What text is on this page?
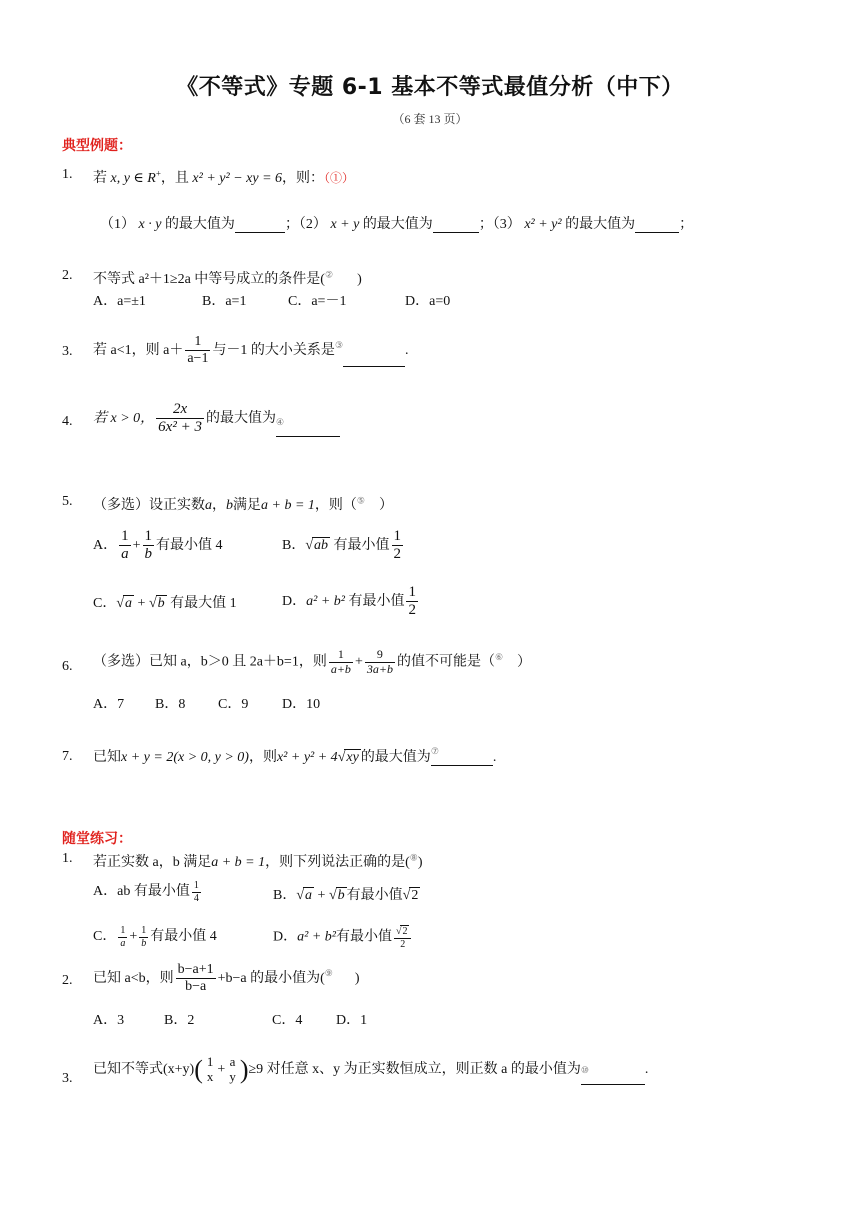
《不等式》专题 6-1 基本不等式最值分析（中下）
（6 套 13 页）
典型例题：
1. 若 x, y ∈ R+，且 x² + y² − xy = 6，则：（①）
（1） x · y 的最大值为	；（2） x + y 的最大值为	；（3） x² + y² 的最大值为	；
2. 不等式 a²＋1≥2a 中等号成立的条件是(② )
A．a=±1	B．a=1	C．a=－1	D．a=0
3. 若 a<1，则 $a+ \frac{1}{a-1}$ 与－1 的大小关系是③	.
4. 若 x > 0， $\frac{2x}{\text{6x² + 3}}$ 的最大值为④
5. （多选）设正实数a，b满足a + b = 1，则（⑤ ）
A． $\frac{1}{a} + \frac{1}{b}$ 有最小值 4	B．√ab 有最小值 $\frac{1}{2}$
C．√a + √b 有最大值 1	D．a² + b² 有最小值 $\frac{1}{2}$
6. （多选）已知 a，b＞0 且 2a＋b=1，则 $\frac{1}{a+b} + \frac{9}{3a+b}$ 的值不可能是（⑥ ）
A．7 B．8 C．9 D．10
7. 已知x + y = 2(x > 0, y > 0)，则x² + y² + 4√xy 的最大值为⑦	.
随堂练习：
1. 若正实数 a，b 满足a + b = 1，则下列说法正确的是(⑧)
A．ab 有最小值 $\frac{1}{4}$	B．√a + √b 有最小值√2
C． $\frac{1}{a} + \frac{1}{b}$ 有最小值 4	D．a² + b²有最小值 $\frac{√2}{2}$
2. 已知 a<b，则 $\frac{b-a+1}{b-a} +b-a$ 的最小值为(⑨ )
A．3	B．2	C．4 D．1
3.
已知不等式(x+y)( 1
x +
a
y )≥9 对任意 x、y 为正实数恒成立，则正数 a 的最小值为⑩	.
